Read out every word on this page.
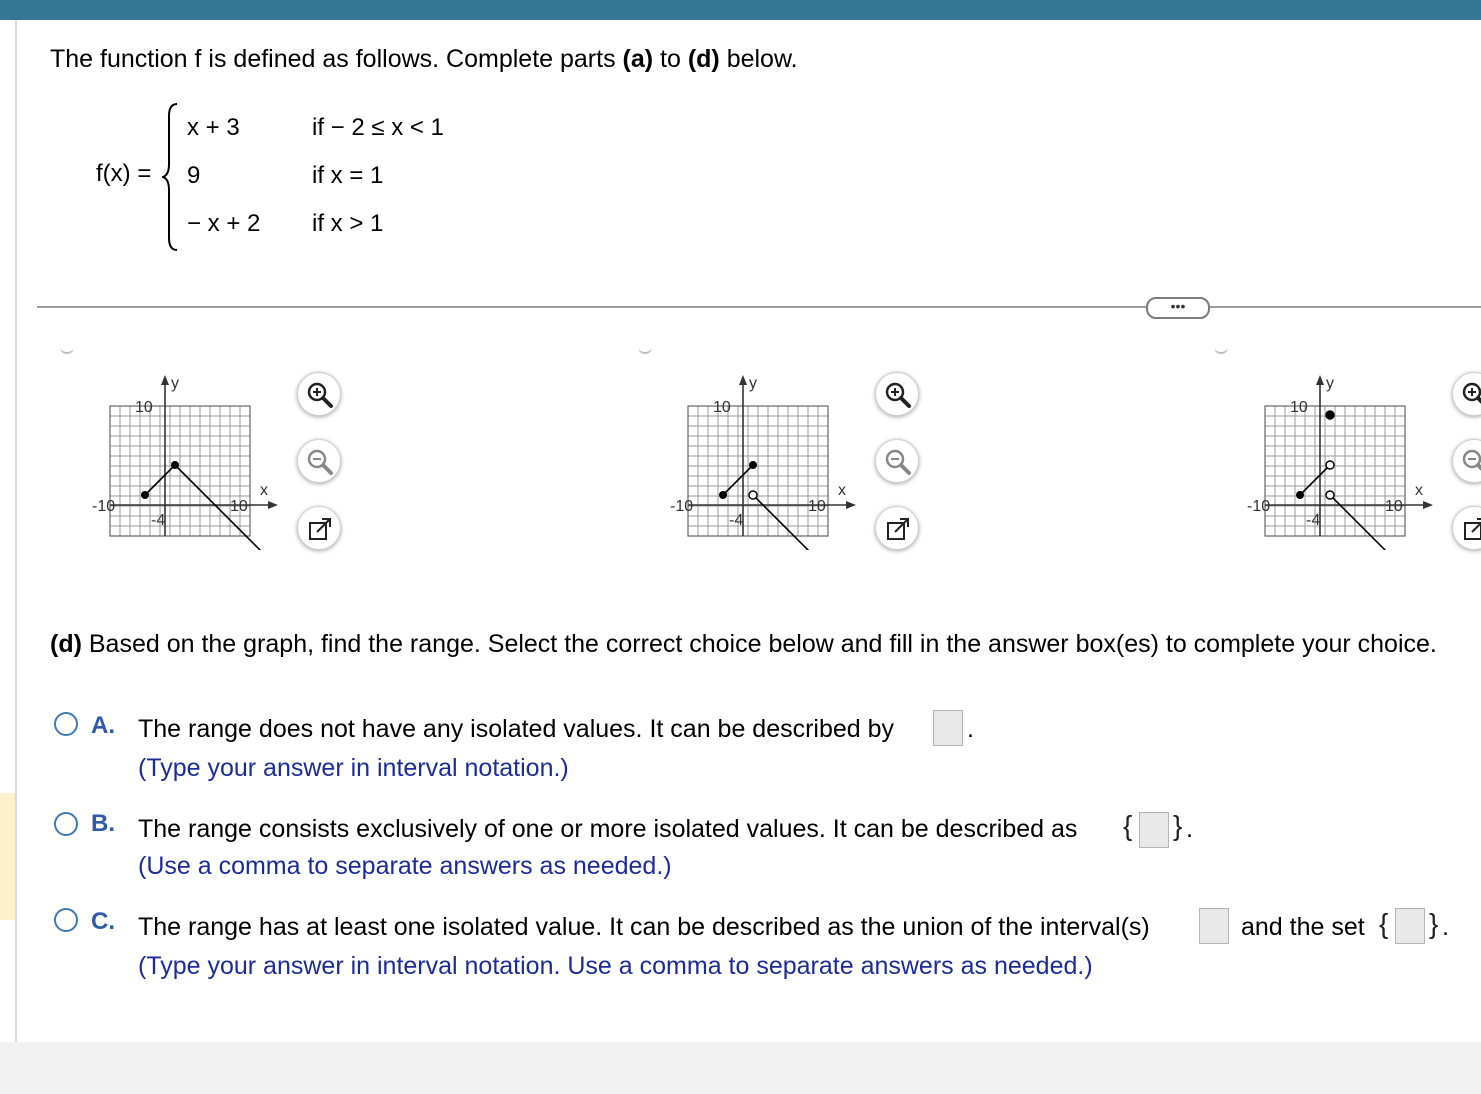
The function f is defined as follows. Complete parts (a) to (d) below.
f(x) =
x + 3	if − 2 ≤ x < 1
9	if x = 1
− x + 2 if x > 1
•••
y
x
10
-4
-10	10
y
x
10
-4
-10	10
y
x
10
-4
-10	10
(d) Based on the graph, find the range. Select the correct choice below and fill in the answer box(es) to complete your choice.
A. The range does not have any isolated values. It can be described by	.
(Type your answer in interval notation.)
B. The range consists exclusively of one or more isolated values. It can be described as { } .
(Use a comma to separate answers as needed.)
C. The range has at least one isolated value. It can be described as the union of the interval(s)	and the set { } .
(Type your answer in interval notation. Use a comma to separate answers as needed.)
